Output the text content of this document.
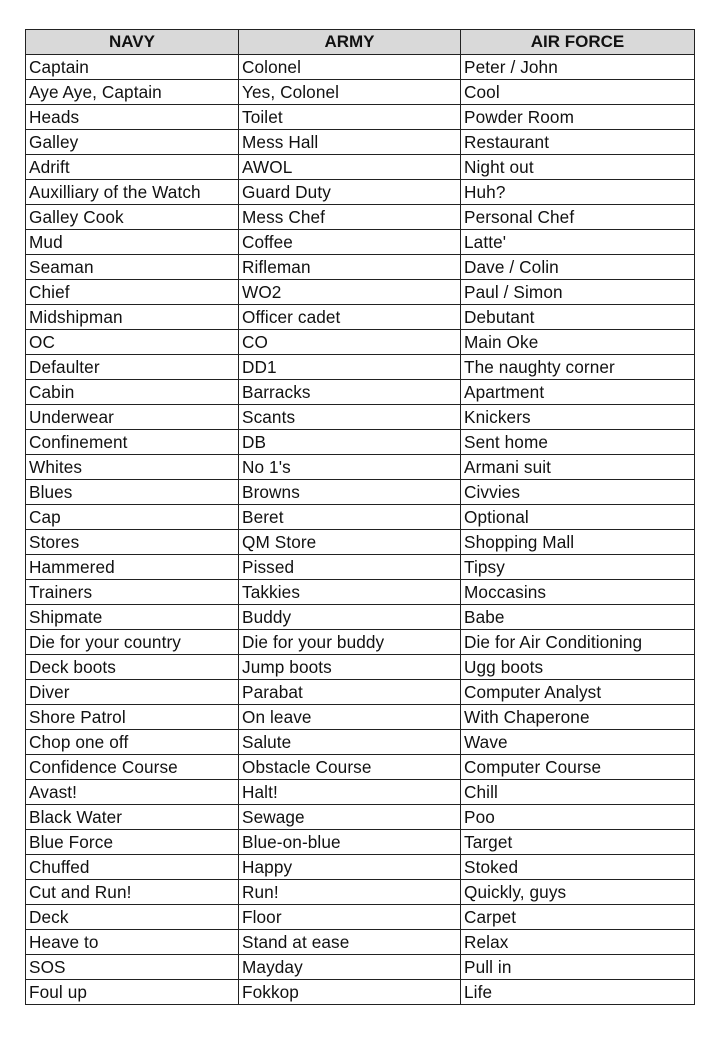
NAVY	ARMY	AIR FORCE
Captain	Colonel	Peter / John
Aye Aye, Captain	Yes, Colonel	Cool
Heads	Toilet	Powder Room
Galley	Mess Hall	Restaurant
Adrift	AWOL	Night out
Auxilliary of the Watch	Guard Duty	Huh?
Galley Cook	Mess Chef	Personal Chef
Mud	Coffee	Latte'
Seaman	Rifleman	Dave / Colin
Chief	WO2	Paul / Simon
Midshipman	Officer cadet	Debutant
OC	CO	Main Oke
Defaulter	DD1	The naughty corner
Cabin	Barracks	Apartment
Underwear	Scants	Knickers
Confinement	DB	Sent home
Whites	No 1's	Armani suit
Blues	Browns	Civvies
Cap	Beret	Optional
Stores	QM Store	Shopping Mall
Hammered	Pissed	Tipsy
Trainers	Takkies	Moccasins
Shipmate	Buddy	Babe
Die for your country	Die for your buddy	Die for Air Conditioning
Deck boots	Jump boots	Ugg boots
Diver	Parabat	Computer Analyst
Shore Patrol	On leave	With Chaperone
Chop one off	Salute	Wave
Confidence Course	Obstacle Course	Computer Course
Avast!	Halt!	Chill
Black Water	Sewage	Poo
Blue Force	Blue-on-blue	Target
Chuffed	Happy	Stoked
Cut and Run!	Run!	Quickly, guys
Deck	Floor	Carpet
Heave to	Stand at ease	Relax
SOS	Mayday	Pull in
Foul up	Fokkop	Life
